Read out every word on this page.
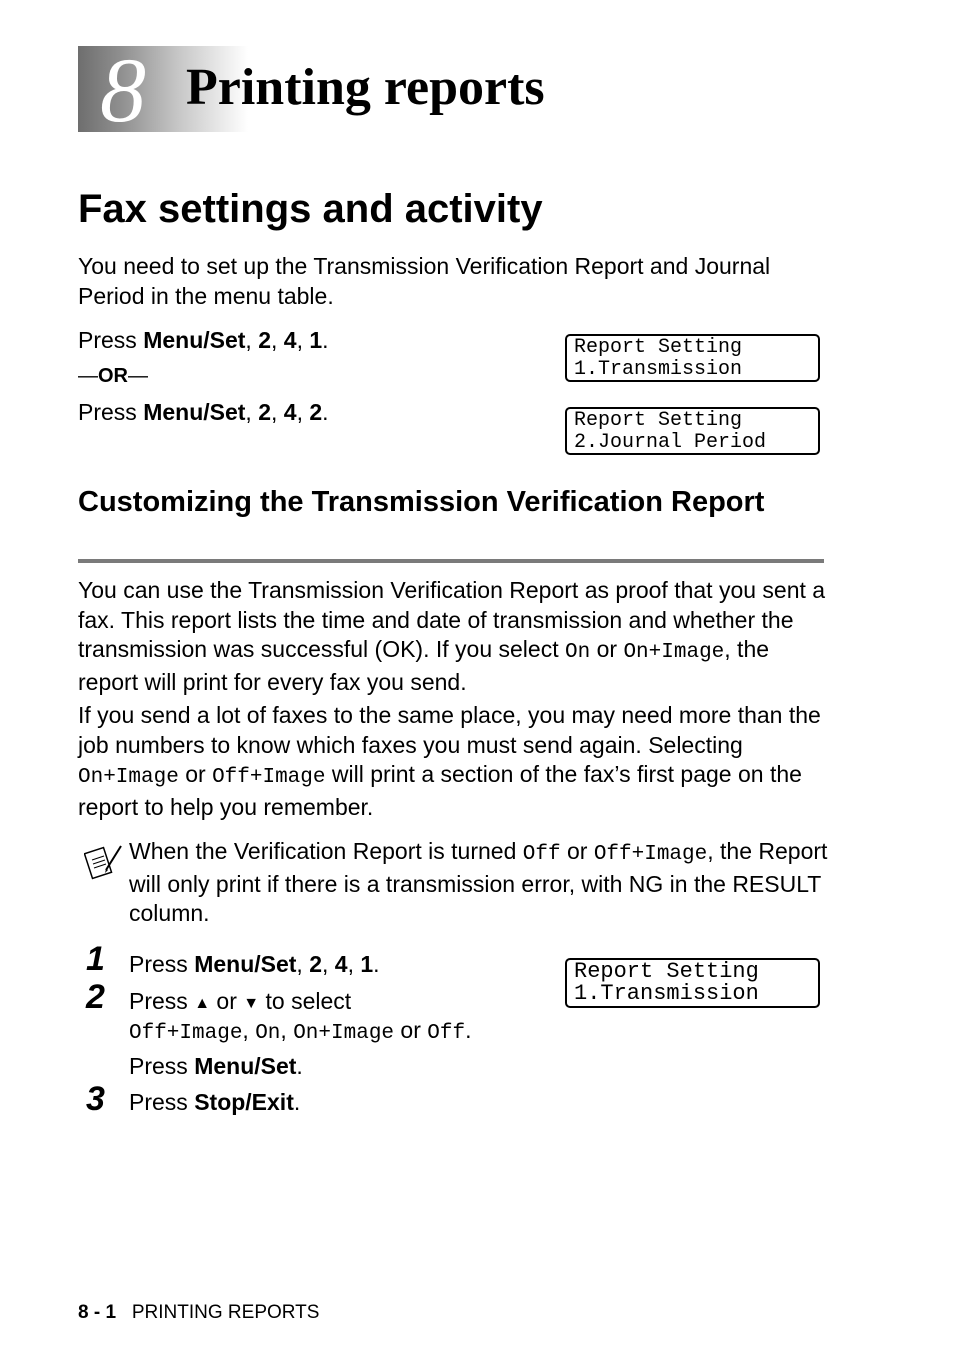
8 Printing reports
Fax settings and activity
You need to set up the Transmission Verification Report and Journal Period in the menu table.
Press Menu/Set, 2, 4, 1.
—OR—
Press Menu/Set, 2, 4, 2.
Report Setting
1.Transmission
Report Setting
2.Journal Period
Customizing the Transmission Verification Report
You can use the Transmission Verification Report as proof that you sent a fax. This report lists the time and date of transmission and whether the transmission was successful (OK). If you select On or On+Image, the report will print for every fax you send.
If you send a lot of faxes to the same place, you may need more than the job numbers to know which faxes you must send again. Selecting On+Image or Off+Image will print a section of the fax’s first page on the report to help you remember.
When the Verification Report is turned Off or Off+Image, the Report will only print if there is a transmission error, with NG in the RESULT column.
1 Press Menu/Set, 2, 4, 1.
2 Press ▲ or ▼ to select
Off+Image, On, On+Image or Off.
Press Menu/Set.
3 Press Stop/Exit.
Report Setting
1.Transmission
8 - 1 PRINTING REPORTS
